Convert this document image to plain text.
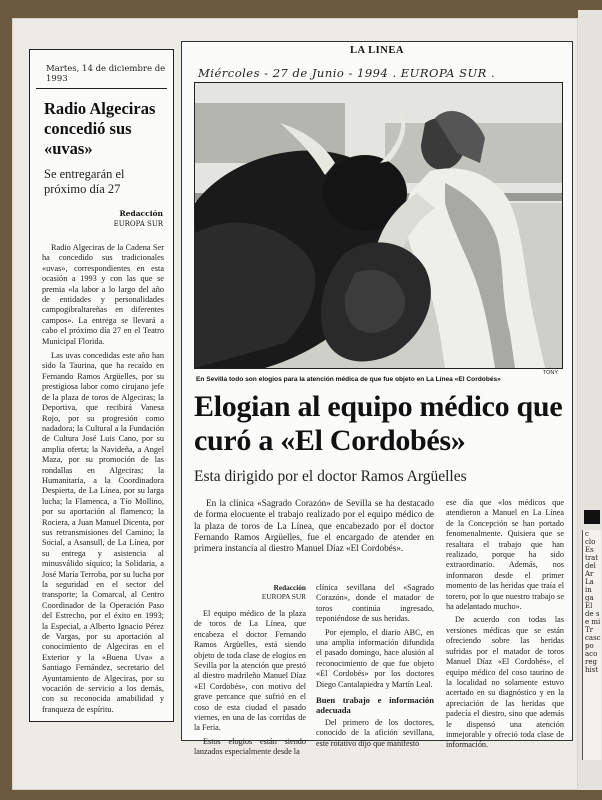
c
clo
Es
trat
del
Ar
La
in
ga
El
de s
e mi
Tr
casc
po
aco
reg
hist
Martes, 14 de diciembre de 1993
Radio Algeciras concedió sus «uvas»
Se entregarán el próximo día 27
Redacción
EUROPA SUR

Radio Algeciras de la Cadena Ser ha concedido sus tradicionales «uvas», correspondientes en esta ocasión a 1993 y con las que se premia «la labor a lo largo del año de entidades y personalidades campogibraltareñas en diferentes campos». La entrega se llevará a cabo el próximo día 27 en el Teatro Municipal Florida.

Las uvas concedidas este año han sido la Taurina, que ha recaído en Fernando Ramos Argüelles, por su prestigiosa labor como cirujano jefe de la plaza de toros de Algeciras; la Deportiva, que recibirá Vanesa Rojo, por su progresión como nadadora; la Cultural a la Fundación de Cultura José Luis Cano, por su amplia oferta; la Navideña, a Angel Maza, por su promoción de las rondallas en Algeciras; la Humanitaria, a la Coordinadora Despierta, de La Línea, por su larga lucha; la Flamenca, a Tío Mollino, por su aportación al flamenco; la Rociera, a Juan Manuel Dicenta, por sus retransmisiones del Camino; la Social, a Asansull, de La Línea, por su entrega y asistencia al minusválido síquico; la Solidaria, a José María Terroba, por su lucha por la seguridad en el sector del transporte; la Comarcal, al Centro Coordinador de la Operación Paso del Estrecho, por el éxito en 1993; la Especial, a Alberto Ignacio Pérez de Vargas, por su aportación al conocimiento de Algeciras en el Exterior y la «Buena Uva» a Santiago Fernández, secretario del Ayuntamiento de Algeciras, por su vocación de servicio a los demás, con su reconocida amabilidad y franqueza de espíritu.

LA LINEA
Miércoles - 27 de Junio - 1994 . EUROPA SUR .
TONY
En Sevilla todo son elogios para la atención médica de que fue objeto en La Línea «El Cordobés»
Elogian al equipo médico que curó a «El Cordobés»
Esta dirigido por el doctor Ramos Argüelles

En la clínica «Sagrado Corazón» de Sevilla se ha destacado de forma elocuente el trabajo realizado por el equipo médico de la plaza de toros de La Línea, que encabezado por el doctor Fernando Ramos Argüelles, fue el encargado de atender en primera instancia al diestro Manuel Díaz «El Cordobés».

Redacción
EUROPA SUR

El equipo médico de la plaza de toros de La Línea, que encabeza el doctor Fernando Ramos Argüelles, está siendo objeto de toda clase de elogios en Sevilla por la atención que prestó al diestro madrileño Manuel Díaz «El Cordobés», con motivo del grave percance que sufrió en el coso de esta ciudad el pasado viernes, en una de las corridas de la Feria.

Estos elogios están siendo lanzados especialmente desde la

clínica sevillana del «Sagrado Corazón», donde el matador de toros continúa ingresado, reponiéndose de sus heridas.

Por ejemplo, el diario ABC, en una amplia información difundida el pasado domingo, hace alusión al reconocimiento de que fue objeto «El Cordobés» por los doctores Diego Cantalapiedra y Martín Leal.

Buen trabajo e información adecuada

Del primero de los doctores, conocido de la afición sevillana, este rotativo dijo que manifestó

ese día que «los médicos que atendieron a Manuel en La Línea de la Concepción se han portado fenomenalmente. Quisiera que se resaltara el trabajo que han realizado, porque ha sido extraordinario. Además, nos informaron desde el primer momento de las heridas que traía el torero, por lo que nuestro trabajo se ha adelantado mucho».

De acuerdo con todas las versiones médicas que se están ofreciendo sobre las heridas sufridas por el matador de toros Manuel Díaz «El Cordobés», el equipo médico del coso taurino de la localidad no solamente estuvo acertado en su diagnóstico y en la apreciación de las heridas que padecía el diestro, sino que además le dispensó una atención inmejorable y ofreció toda clase de información.
